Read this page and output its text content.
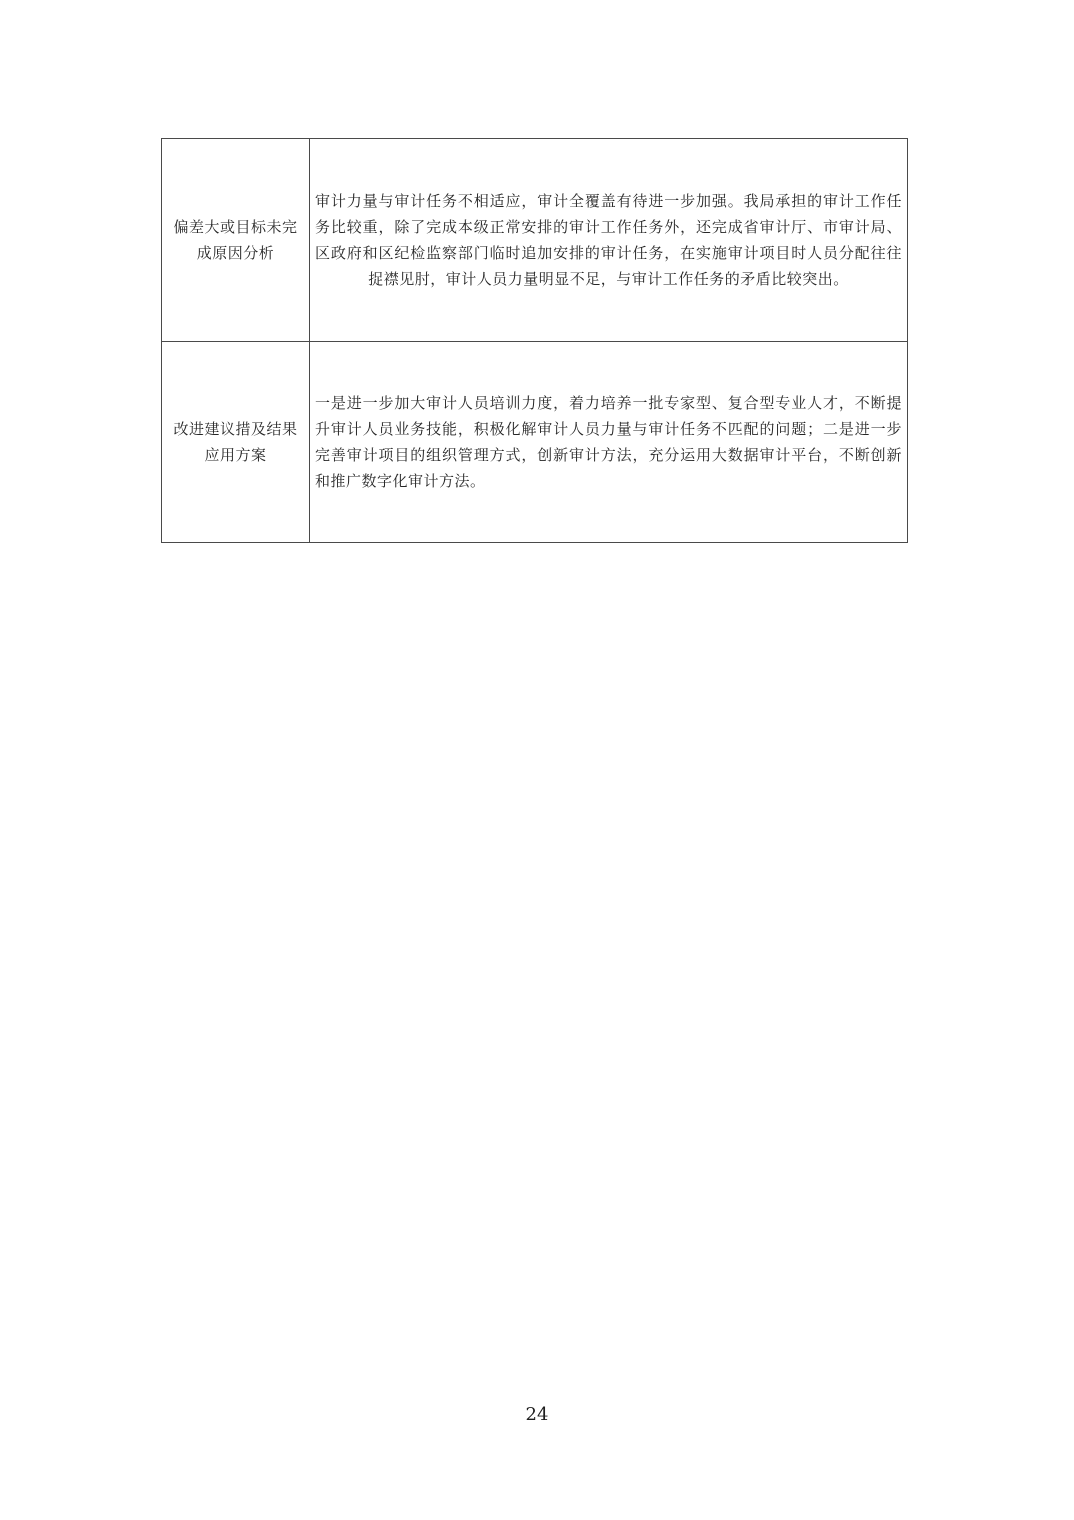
偏差大或目标未完成原因分析	审计力量与审计任务不相适应，审计全覆盖有待进一步加强。我局承担的审计工作任务比较重，除了完成本级正常安排的审计工作任务外，还完成省审计厅、市审计局、区政府和区纪检监察部门临时追加安排的审计任务，在实施审计项目时人员分配往往捉襟见肘，审计人员力量明显不足，与审计工作任务的矛盾比较突出。
改进建议措及结果应用方案	一是进一步加大审计人员培训力度，着力培养一批专家型、复合型专业人才，不断提升审计人员业务技能，积极化解审计人员力量与审计任务不匹配的问题；二是进一步完善审计项目的组织管理方式，创新审计方法，充分运用大数据审计平台，不断创新和推广数字化审计方法。
24
